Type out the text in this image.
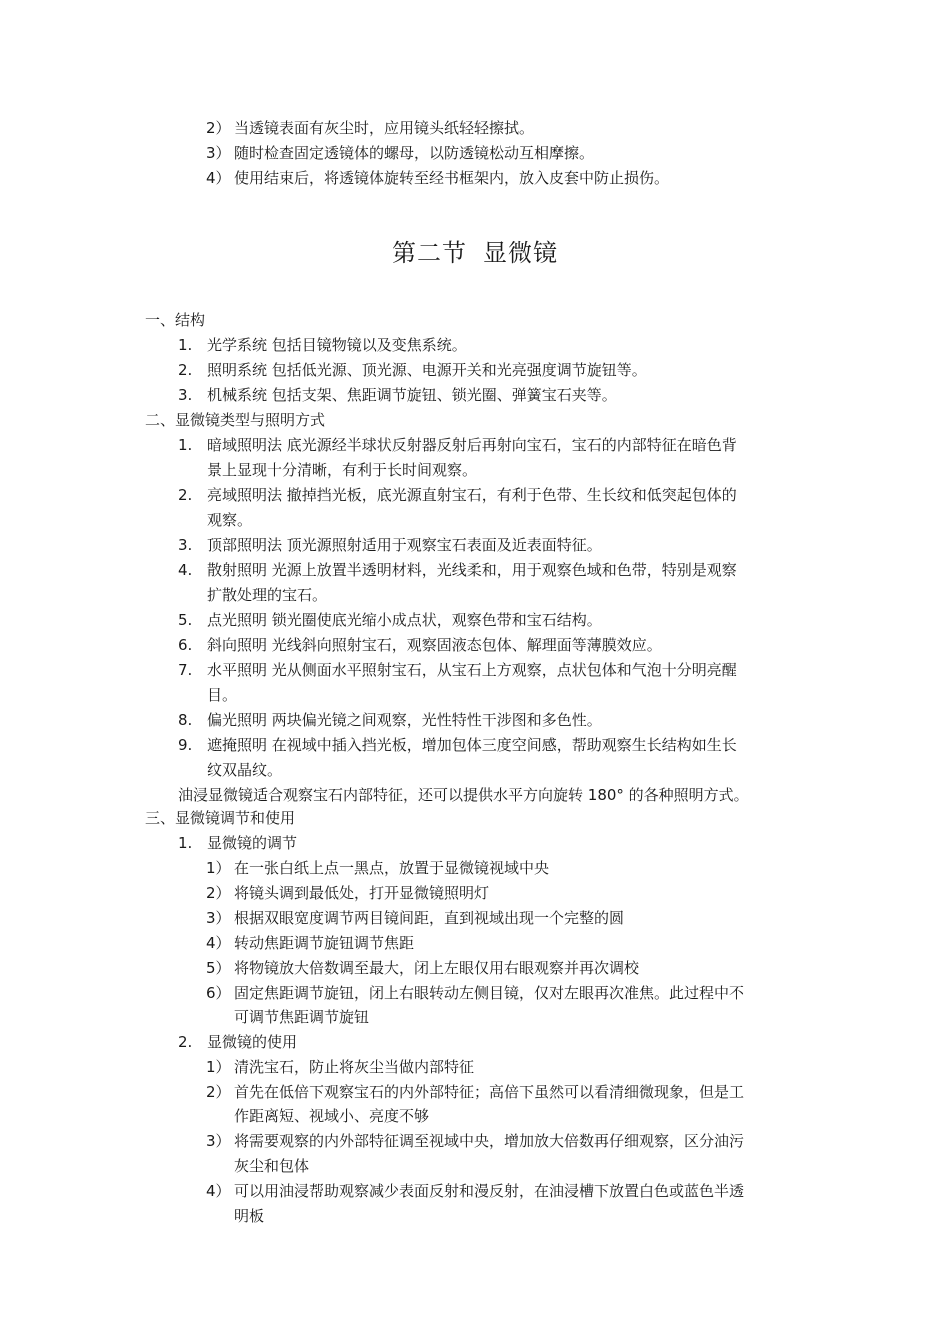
2） 当透镜表面有灰尘时，应用镜头纸轻轻擦拭。
3） 随时检查固定透镜体的螺母，以防透镜松动互相摩擦。
4） 使用结束后，将透镜体旋转至经书框架内，放入皮套中防止损伤。
第二节 显微镜
一、结构
1. 光学系统 包括目镜物镜以及变焦系统。
2. 照明系统 包括低光源、顶光源、电源开关和光亮强度调节旋钮等。
3. 机械系统 包括支架、焦距调节旋钮、锁光圈、弹簧宝石夹等。
二、显微镜类型与照明方式
1. 暗域照明法 底光源经半球状反射器反射后再射向宝石，宝石的内部特征在暗色背
景上显现十分清晰，有利于长时间观察。
2. 亮域照明法 撤掉挡光板，底光源直射宝石，有利于色带、生长纹和低突起包体的
观察。
3. 顶部照明法 顶光源照射适用于观察宝石表面及近表面特征。
4. 散射照明 光源上放置半透明材料，光线柔和，用于观察色域和色带，特别是观察
扩散处理的宝石。
5. 点光照明 锁光圈使底光缩小成点状，观察色带和宝石结构。
6. 斜向照明 光线斜向照射宝石，观察固液态包体、解理面等薄膜效应。
7. 水平照明 光从侧面水平照射宝石，从宝石上方观察，点状包体和气泡十分明亮醒
目。
8. 偏光照明 两块偏光镜之间观察，光性特性干涉图和多色性。
9. 遮掩照明 在视域中插入挡光板，增加包体三度空间感，帮助观察生长结构如生长
纹双晶纹。
油浸显微镜适合观察宝石内部特征，还可以提供水平方向旋转 180° 的各种照明方式。
三、显微镜调节和使用
1. 显微镜的调节
1） 在一张白纸上点一黑点，放置于显微镜视域中央
2） 将镜头调到最低处，打开显微镜照明灯
3） 根据双眼宽度调节两目镜间距，直到视域出现一个完整的圆
4） 转动焦距调节旋钮调节焦距
5） 将物镜放大倍数调至最大，闭上左眼仅用右眼观察并再次调校
6） 固定焦距调节旋钮，闭上右眼转动左侧目镜，仅对左眼再次准焦。此过程中不
可调节焦距调节旋钮
2. 显微镜的使用
1） 清洗宝石，防止将灰尘当做内部特征
2） 首先在低倍下观察宝石的内外部特征；高倍下虽然可以看清细微现象，但是工
作距离短、视域小、亮度不够
3） 将需要观察的内外部特征调至视域中央，增加放大倍数再仔细观察，区分油污
灰尘和包体
4） 可以用油浸帮助观察减少表面反射和漫反射，在油浸槽下放置白色或蓝色半透
明板
